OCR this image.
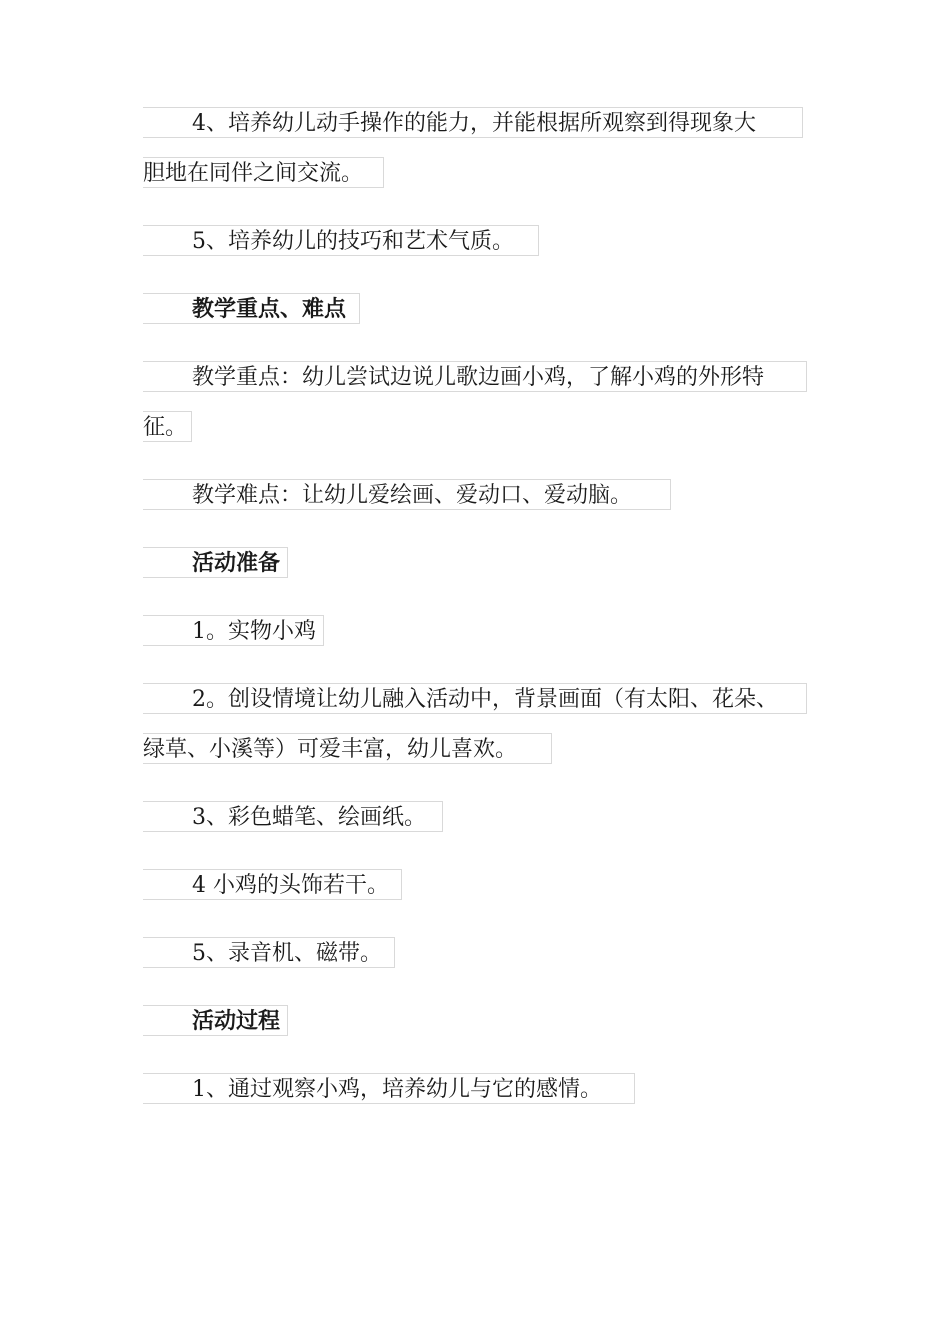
4、培养幼儿动手操作的能力，并能根据所观察到得现象大
胆地在同伴之间交流。
5、培养幼儿的技巧和艺术气质。
教学重点、难点
教学重点：幼儿尝试边说儿歌边画小鸡，了解小鸡的外形特
征。
教学难点：让幼儿爱绘画、爱动口、爱动脑。
活动准备
1。实物小鸡
2。创设情境让幼儿融入活动中，背景画面（有太阳、花朵、
绿草、小溪等）可爱丰富，幼儿喜欢。
3、彩色蜡笔、绘画纸。
4 小鸡的头饰若干。
5、录音机、磁带。
活动过程
1、通过观察小鸡，培养幼儿与它的感情。
